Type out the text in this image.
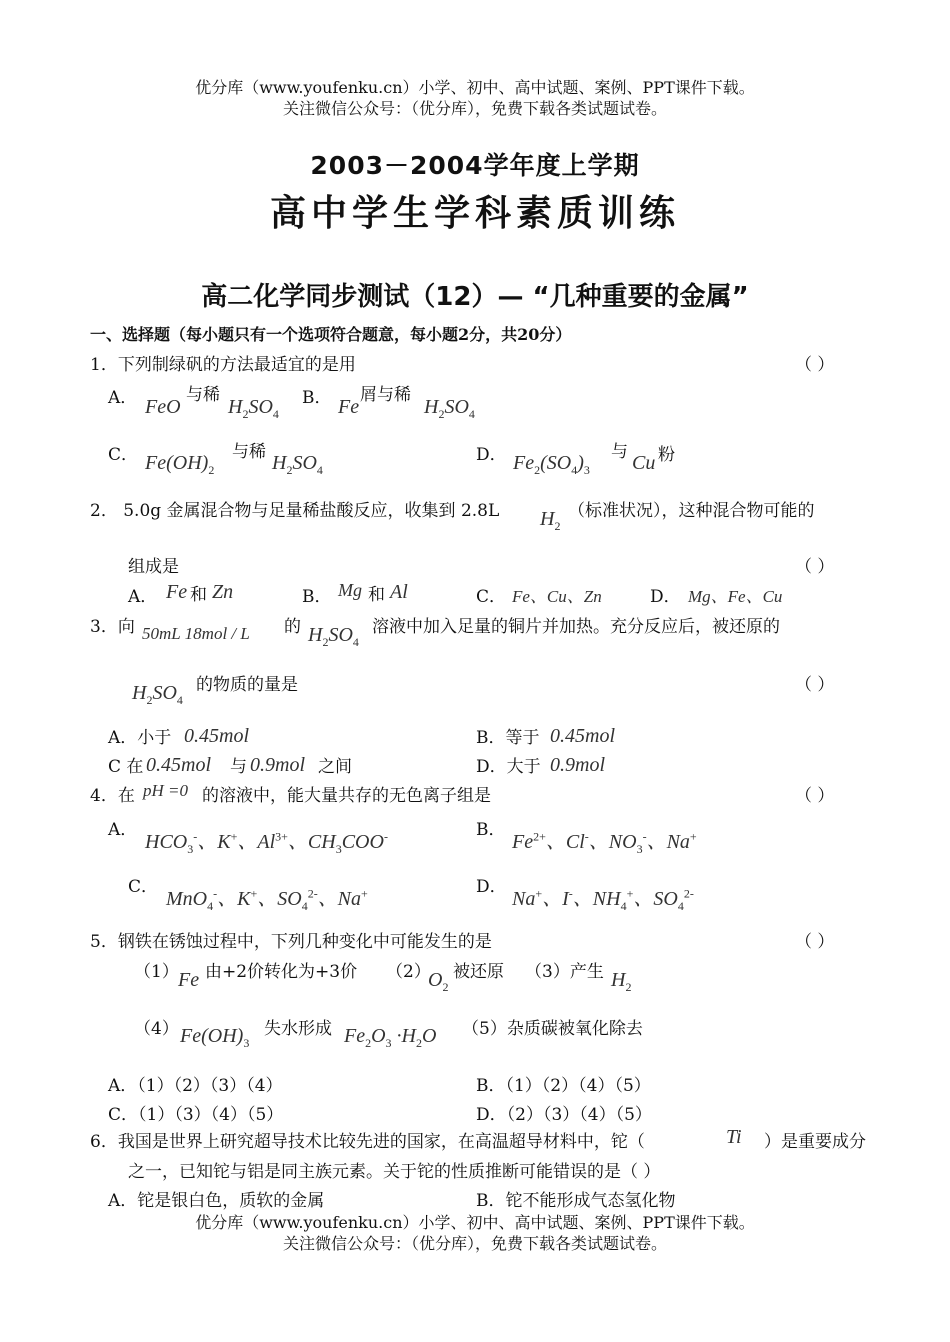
优分库（www.youfenku.cn）小学、初中、高中试题、案例、PPT课件下载。
关注微信公众号：（优分库），免费下载各类试题试卷。
2003－2004学年度上学期
高中学生学科素质训练
高二化学同步测试（12）— “几种重要的金属”
一、选择题（每小题只有一个选项符合题意，每小题2分，共20分）
1．下列制绿矾的方法最适宜的是用	（ ）
A． FeO
与稀
$H_2SO_4$
B． Fe
屑与稀
$H_2SO_4$
C． $Fe(OH)_2$
与稀 $H_2SO_4$
D． $Fe_2(SO_4)_3$
与 Cu 粉
2． 5.0g 金属混合物与足量稀盐酸反应，收集到 2.8L $H_2$
（标准状况），这种混合物可能的
组成是	（ ）
A． Fe 和 Zn	B． Mg 和 Al	C． Fe、Cu、Zn	D． Mg、Fe、Cu
3．向 50mL 18mol / L 的 $H_2SO_4$
溶液中加入足量的铜片并加热。充分反应后，被还原的
$H_2SO_4$
的物质的量是	（ ）
A．小于 0.45mol	B．等于 0.45mol
C 在 0.45mol 与 0.9mol 之间	D．大于 0.9mol
4．在 pH =0 的溶液中，能大量共存的无色离子组是	（ ）
A．
$HCO_3^-$、K+、$Al^{3+}$、$CH_3COO^-$	B．
$Fe^{2+}$、Cl-、$NO_3^-$、Na+
C．
MnO$_4$-、K+、$SO_4^{2-}$、Na+	D．
Na+、I-、$NH_4^+$、$SO_4^{2-}$
5．钢铁在锈蚀过程中，下列几种变化中可能发生的是	（ ）
（1） Fe 由+2价转化为+3价 （2）
$O_2$
被还原 （3）产生 $H_2$
（4） $Fe(OH)_3$
失水形成 $Fe_2O_3 \cdot H_2O$ （5）杂质碳被氧化除去
A．（1）（2）（3）（4）	B．（1）（2）（4）（5）
C．（1）（3）（4）（5）	D．（2）（3）（4）（5）
6．我国是世界上研究超导技术比较先进的国家，在高温超导材料中，铊（	Ti ）是重要成分
之一，已知铊与铝是同主族元素。关于铊的性质推断可能错误的是（ ）
A．铊是银白色，质软的金属	B．铊不能形成气态氢化物
优分库（www.youfenku.cn）小学、初中、高中试题、案例、PPT课件下载。
关注微信公众号：（优分库），免费下载各类试题试卷。
